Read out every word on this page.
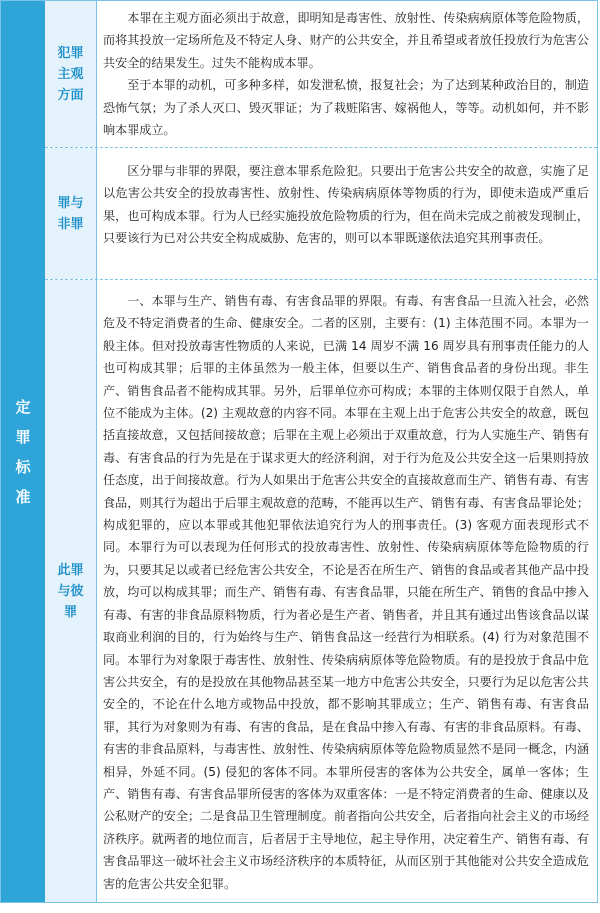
定罪标准
犯罪主观方面

本罪在主观方面必须出于故意，即明知是毒害性、放射性、传染病病原体等危险物质，而将其投放一定场所危及不特定人身、财产的公共安全，并且希望或者放任投放行为危害公共安全的结果发生。过失不能构成本罪。

至于本罪的动机，可多种多样，如发泄私愤，报复社会；为了达到某种政治目的，制造恐怖气氛；为了杀人灭口、毁灭罪证；为了栽赃陷害、嫁祸他人，等等。动机如何，并不影响本罪成立。

罪与非罪

区分罪与非罪的界限，要注意本罪系危险犯。只要出于危害公共安全的故意，实施了足以危害公共安全的投放毒害性、放射性、传染病病原体等物质的行为，即使未造成严重后果，也可构成本罪。行为人已经实施投放危险物质的行为，但在尚未完成之前被发现制止，只要该行为已对公共安全构成威胁、危害的，则可以本罪既遂依法追究其刑事责任。

此罪与彼罪

一、本罪与生产、销售有毒、有害食品罪的界限。有毒、有害食品一旦流入社会，必然危及不特定消费者的生命、健康安全。二者的区别，主要有：(1) 主体范围不同。本罪为一般主体。但对投放毒害性物质的人来说，已满 14 周岁不满 16 周岁具有刑事责任能力的人也可构成其罪；后罪的主体虽然为一般主体，但要以生产、销售食品者的身份出现。非生产、销售食品者不能构成其罪。另外，后罪单位亦可构成；本罪的主体则仅限于自然人，单位不能成为主体。(2) 主观故意的内容不同。本罪在主观上出于危害公共安全的故意，既包括直接故意，又包括间接故意；后罪在主观上必须出于双重故意，行为人实施生产、销售有毒、有害食品的行为先是在于谋求更大的经济利润，对于行为危及公共安全这一后果则持放任态度，出于间接故意。行为人如果出于危害公共安全的直接故意而生产、销售有毒、有害食品，则其行为超出于后罪主观故意的范畴，不能再以生产、销售有毒、有害食品罪论处；构成犯罪的，应以本罪或其他犯罪依法追究行为人的刑事责任。(3) 客观方面表现形式不同。本罪行为可以表现为任何形式的投放毒害性、放射性、传染病病原体等危险物质的行为，只要其足以或者已经危害公共安全，不论是否在所生产、销售的食品或者其他产品中投放，均可以构成其罪；而生产、销售有毒、有害食品罪，只能在所生产、销售的食品中掺入有毒、有害的非食品原料物质，行为者必是生产者、销售者，并且其有通过出售该食品以谋取商业利润的目的，行为始终与生产、销售食品这一经营行为相联系。(4) 行为对象范围不同。本罪行为对象限于毒害性、放射性、传染病病原体等危险物质。有的是投放于食品中危害公共安全，有的是投放在其他物品甚至某一地方中危害公共安全，只要行为足以危害公共安全的，不论在什么地方或物品中投放，都不影响其罪成立；生产、销售有毒、有害食品罪，其行为对象则为有毒、有害的食品，是在食品中掺入有毒、有害的非食品原料。有毒、有害的非食品原料，与毒害性、放射性、传染病病原体等危险物质显然不是同一概念，内涵相异，外延不同。(5) 侵犯的客体不同。本罪所侵害的客体为公共安全，属单一客体；生产、销售有毒、有害食品罪所侵害的客体为双重客体：一是不特定消费者的生命、健康以及公私财产的安全；二是食品卫生管理制度。前者指向公共安全，后者指向社会主义的市场经济秩序。就两者的地位而言，后者居于主导地位，起主导作用，决定着生产、销售有毒、有害食品罪这一破坏社会主义市场经济秩序的本质特征，从而区别于其他能对公共安全造成危害的危害公共安全犯罪。
